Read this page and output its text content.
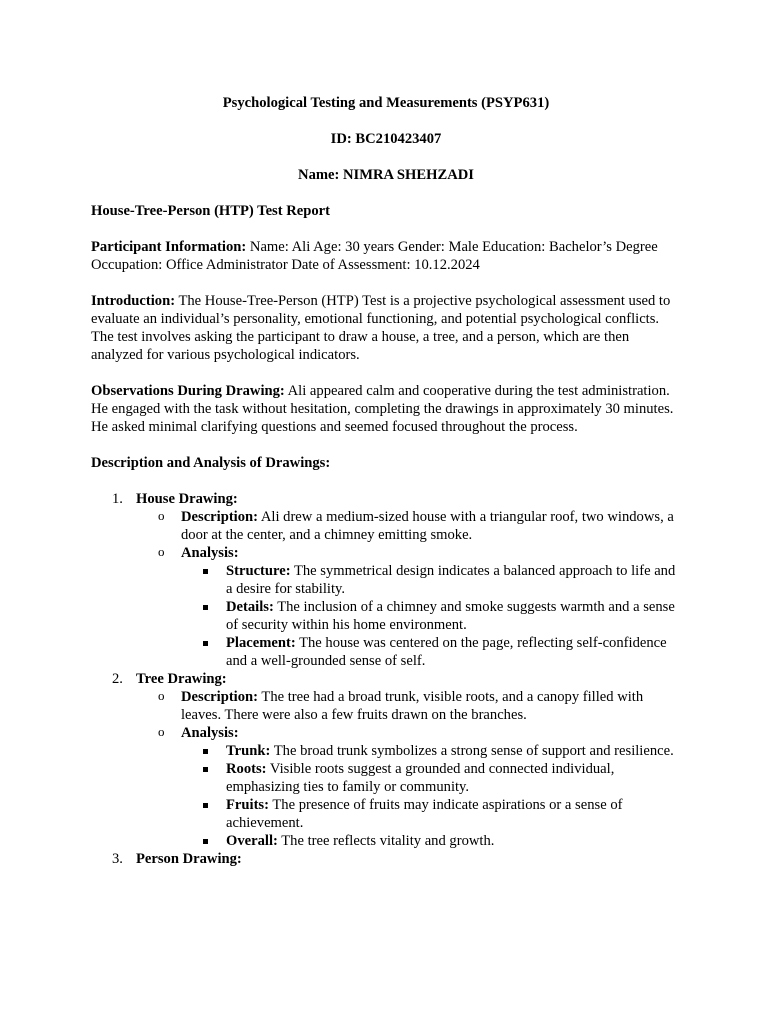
Psychological Testing and Measurements (PSYP631)
ID: BC210423407
Name: NIMRA SHEHZADI
House-Tree-Person (HTP) Test Report

Participant Information: Name: Ali Age: 30 years Gender: Male Education: Bachelor’s Degree Occupation: Office Administrator Date of Assessment: 10.12.2024

Introduction: The House-Tree-Person (HTP) Test is a projective psychological assessment used to evaluate an individual’s personality, emotional functioning, and potential psychological conflicts. The test involves asking the participant to draw a house, a tree, and a person, which are then analyzed for various psychological indicators.

Observations During Drawing: Ali appeared calm and cooperative during the test administration. He engaged with the task without hesitation, completing the drawings in approximately 30 minutes. He asked minimal clarifying questions and seemed focused throughout the process.

Description and Analysis of Drawings:
1. House Drawing:
o Description: Ali drew a medium-sized house with a triangular roof, two windows, a door at the center, and a chimney emitting smoke.
o Analysis:
Structure: The symmetrical design indicates a balanced approach to life and a desire for stability.
Details: The inclusion of a chimney and smoke suggests warmth and a sense of security within his home environment.
Placement: The house was centered on the page, reflecting self-confidence and a well-grounded sense of self.
2. Tree Drawing:
o Description: The tree had a broad trunk, visible roots, and a canopy filled with leaves. There were also a few fruits drawn on the branches.
o Analysis:
Trunk: The broad trunk symbolizes a strong sense of support and resilience.
Roots: Visible roots suggest a grounded and connected individual, emphasizing ties to family or community.
Fruits: The presence of fruits may indicate aspirations or a sense of achievement.
Overall: The tree reflects vitality and growth.
3. Person Drawing:
